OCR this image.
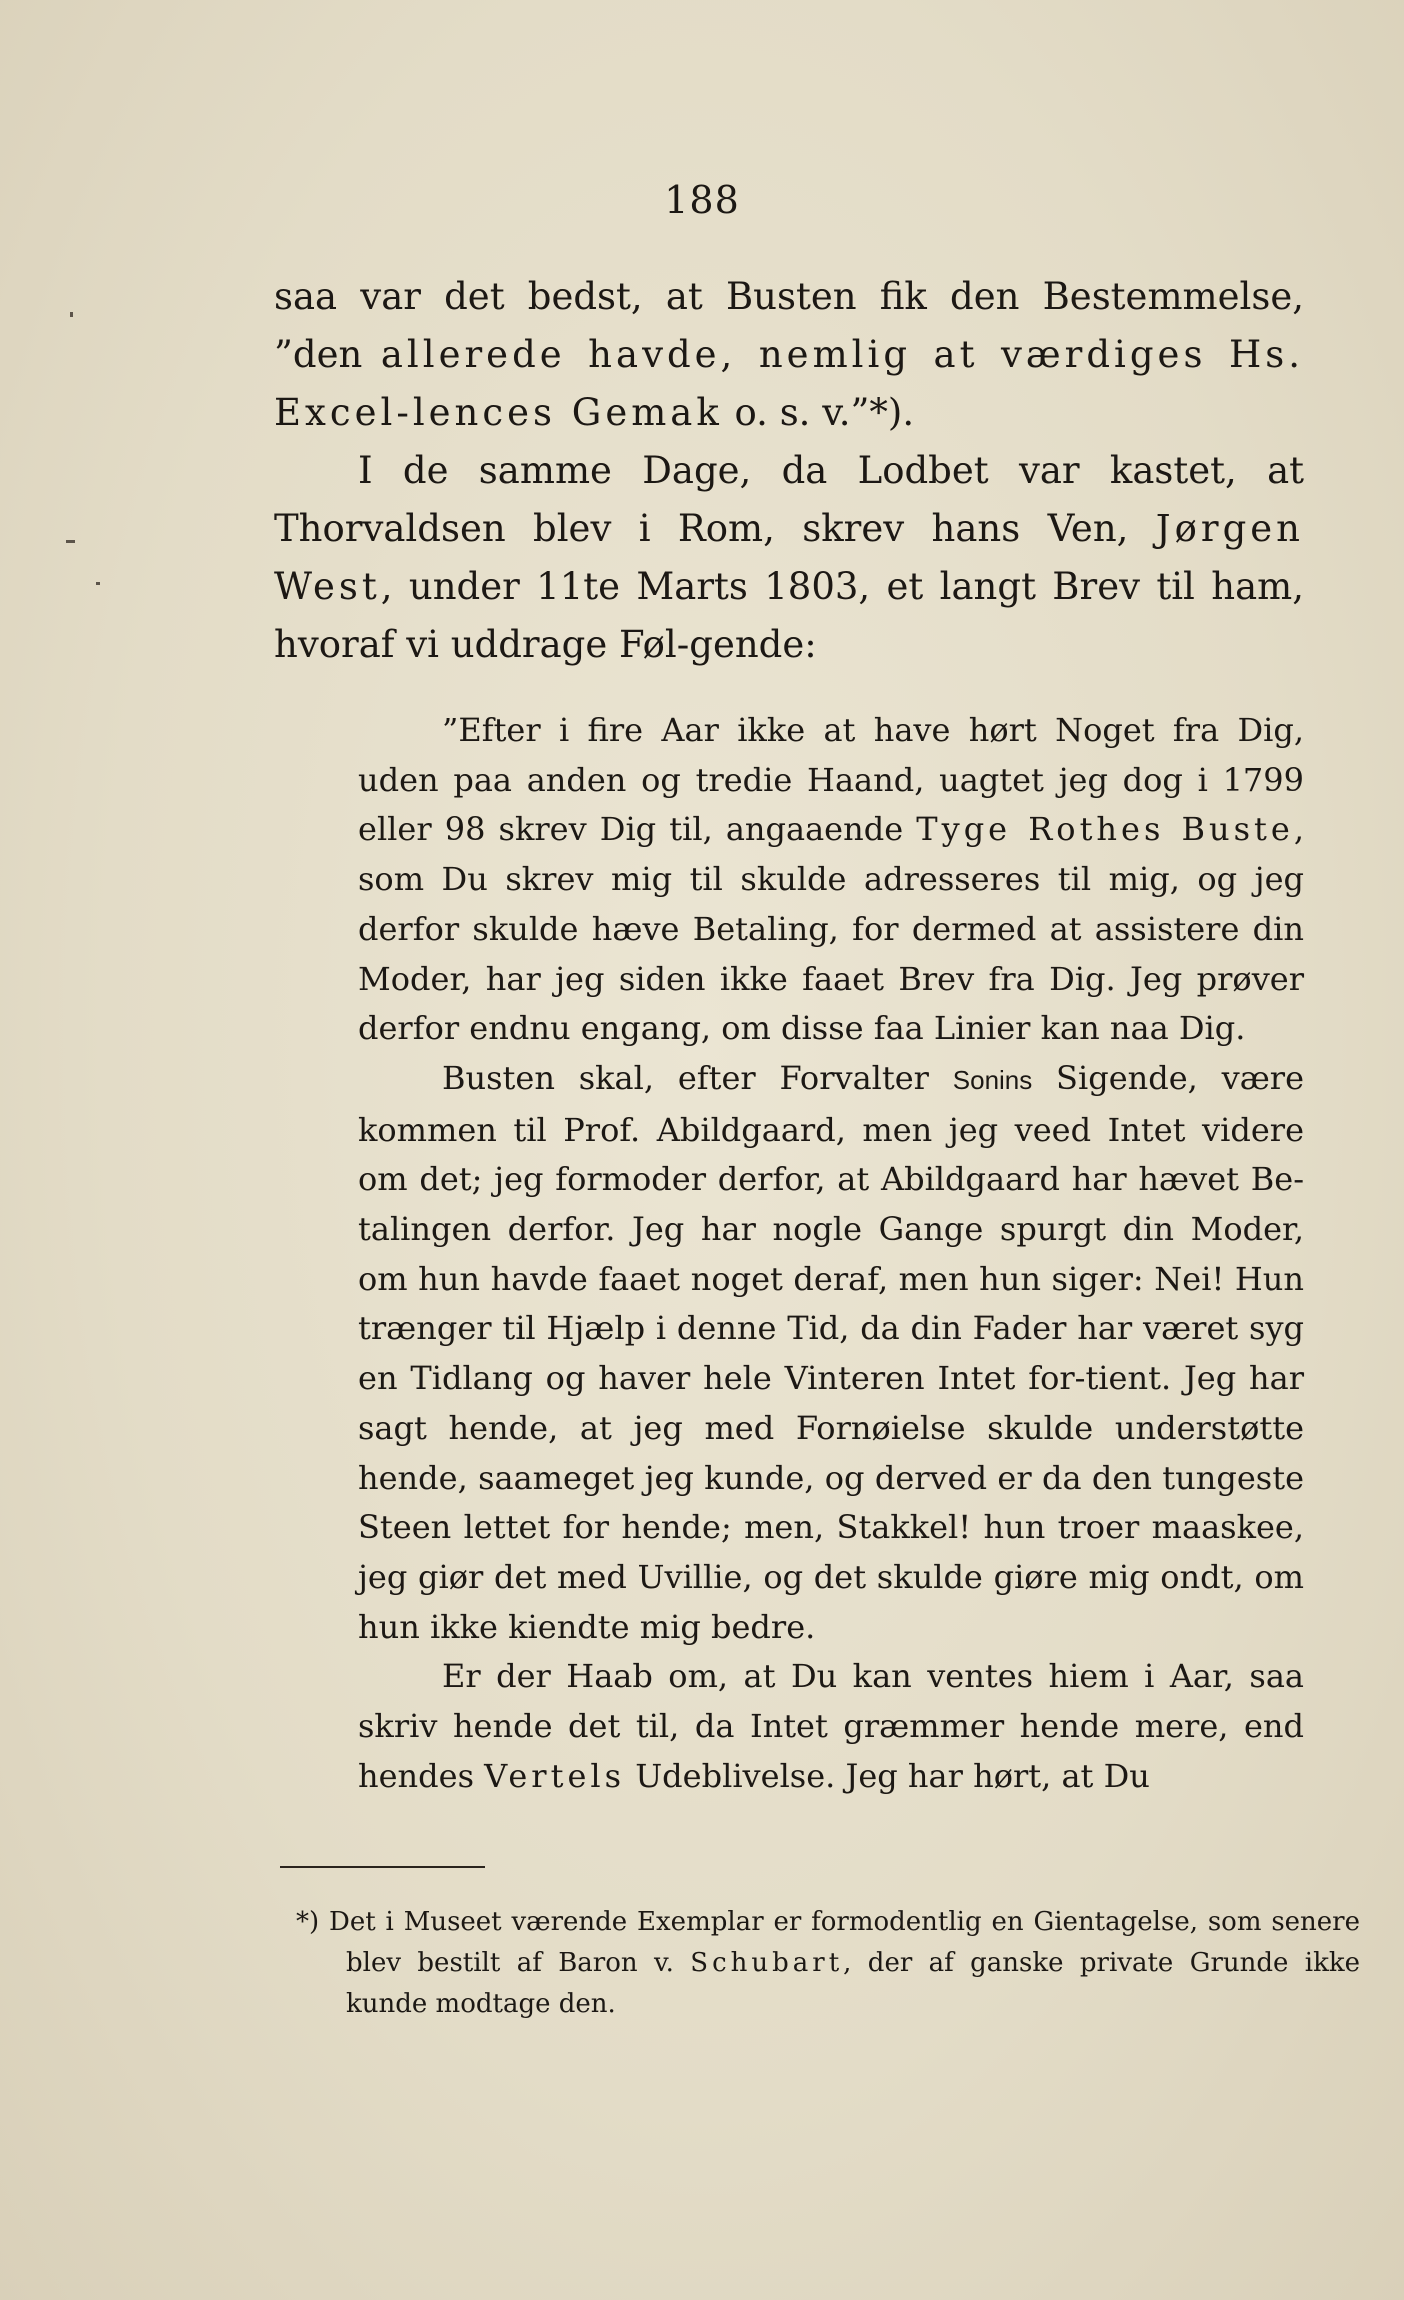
188

saa var det bedst, at Busten fik den Bestemmelse, ”den allerede havde, nemlig at værdiges Hs. Excel-lences Gemak o. s. v.”*).

I de samme Dage, da Lodbet var kastet, at Thorvaldsen blev i Rom, skrev hans Ven, Jørgen West, under 11te Marts 1803, et langt Brev til ham, hvoraf vi uddrage Føl-gende:

”Efter i fire Aar ikke at have hørt Noget fra Dig, uden paa anden og tredie Haand, uagtet jeg dog i 1799 eller 98 skrev Dig til, angaaende Tyge Rothes Buste, som Du skrev mig til skulde adresseres til mig, og jeg derfor skulde hæve Betaling, for dermed at assistere din Moder, har jeg siden ikke faaet Brev fra Dig. Jeg prøver derfor endnu engang, om disse faa Linier kan naa Dig.

Busten skal, efter Forvalter Sonins Sigende, være kommen til Prof. Abildgaard, men jeg veed Intet videre om det; jeg formoder derfor, at Abildgaard har hævet Be-talingen derfor. Jeg har nogle Gange spurgt din Moder, om hun havde faaet noget deraf, men hun siger: Nei! Hun trænger til Hjælp i denne Tid, da din Fader har været syg en Tidlang og haver hele Vinteren Intet for-tient. Jeg har sagt hende, at jeg med Fornøielse skulde understøtte hende, saameget jeg kunde, og derved er da den tungeste Steen lettet for hende; men, Stakkel! hun troer maaskee, jeg giør det med Uvillie, og det skulde giøre mig ondt, om hun ikke kiendte mig bedre.

Er der Haab om, at Du kan ventes hiem i Aar, saa skriv hende det til, da Intet græmmer hende mere, end hendes Vertels Udeblivelse. Jeg har hørt, at Du

*) Det i Museet værende Exemplar er formodentlig en Gientagelse, som senere blev bestilt af Baron v. Schubart, der af ganske private Grunde ikke kunde modtage den.
